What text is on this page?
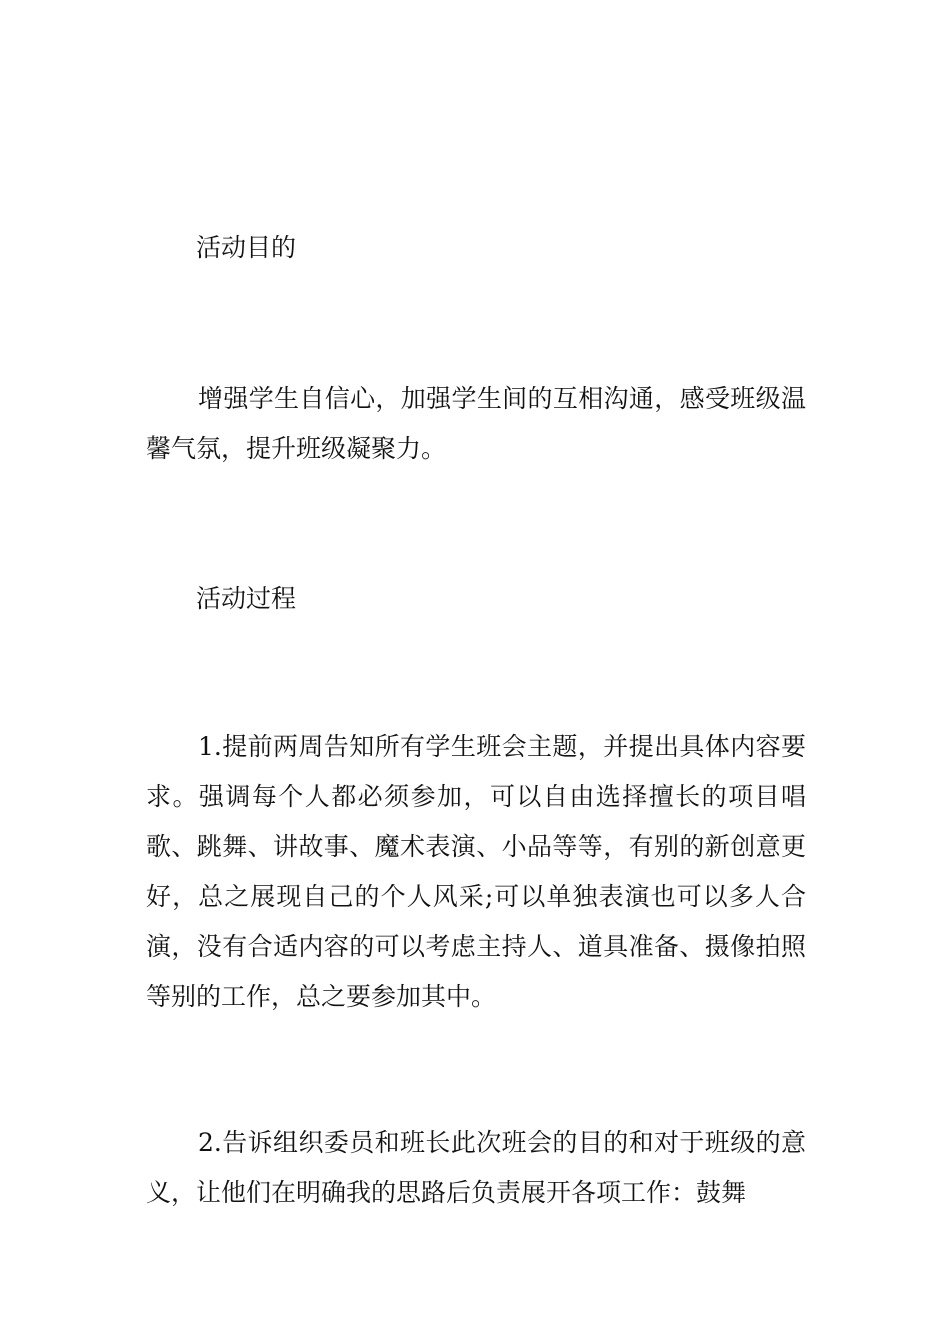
活动目的

增强学生自信心，加强学生间的互相沟通，感受班级温馨气氛，提升班级凝聚力。

活动过程

1.提前两周告知所有学生班会主题，并提出具体内容要求。强调每个人都必须参加，可以自由选择擅长的项目唱歌、跳舞、讲故事、魔术表演、小品等等，有别的新创意更好，总之展现自己的个人风采;可以单独表演也可以多人合演，没有合适内容的可以考虑主持人、道具准备、摄像拍照等别的工作，总之要参加其中。

2.告诉组织委员和班长此次班会的目的和对于班级的意义，让他们在明确我的思路后负责展开各项工作：鼓舞
